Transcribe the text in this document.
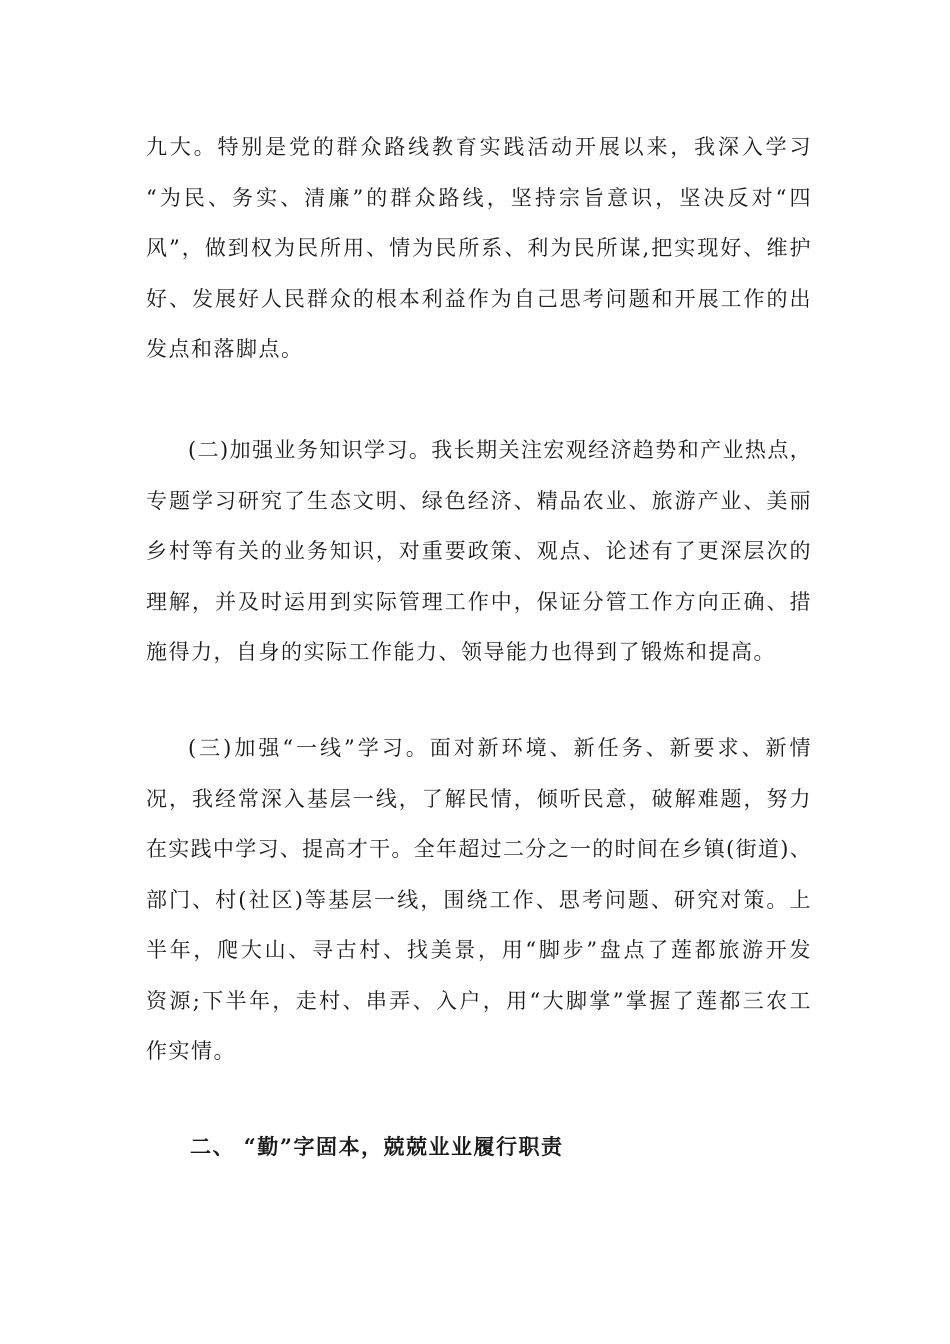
九大。特别是党的群众路线教育实践活动开展以来，我深入学习
“为民、务实、清廉”的群众路线，坚持宗旨意识，坚决反对“四
风”，做到权为民所用、情为民所系、利为民所谋,把实现好、维护
好、发展好人民群众的根本利益作为自己思考问题和开展工作的出
发点和落脚点。
(二)加强业务知识学习。我长期关注宏观经济趋势和产业热点，
专题学习研究了生态文明、绿色经济、精品农业、旅游产业、美丽
乡村等有关的业务知识，对重要政策、观点、论述有了更深层次的
理解，并及时运用到实际管理工作中，保证分管工作方向正确、措
施得力，自身的实际工作能力、领导能力也得到了锻炼和提高。
(三)加强“一线”学习。面对新环境、新任务、新要求、新情
况，我经常深入基层一线，了解民情，倾听民意，破解难题，努力
在实践中学习、提高才干。全年超过二分之一的时间在乡镇(街道)、
部门、村(社区)等基层一线，围绕工作、思考问题、研究对策。上
半年，爬大山、寻古村、找美景，用“脚步”盘点了莲都旅游开发
资源;下半年，走村、串弄、入户，用“大脚掌”掌握了莲都三农工
作实情。
二、 “勤”字固本，兢兢业业履行职责
